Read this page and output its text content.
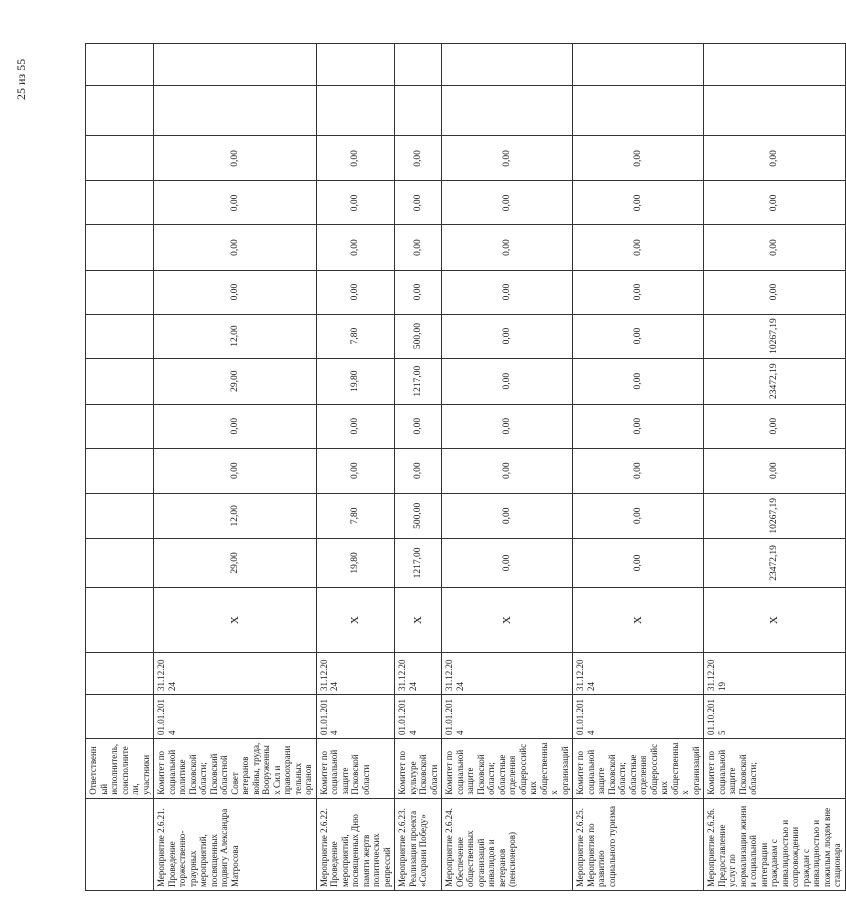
25 из 55
	Ответственный исполнитель, соисполнители, участники															
Мероприятие 2.6.21. Проведение торжественно-траурных мероприятий, посвященных подвигу Александра Матросова	Комитет по социальной политике Псковской области; Псковский областной Совет ветеранов войны, труда, Вооруженных Сил и правоохранительных органов	01.01.2014	31.12.2024	X	29,00	12,00	0,00	0,00	29,00	12,00	0,00	0,00	0,00	0,00		
Мероприятие 2.6.22. Проведение мероприятий, посвященных Дню памяти жертв политических репрессий	Комитет по социальной защите Псковской области	01.01.2014	31.12.2024	X	19,80	7,80	0,00	0,00	19,80	7,80	0,00	0,00	0,00	0,00		
Мероприятие 2.6.23. Реализация проекта «Сохрани Победу»	Комитет по культуре Псковской области	01.01.2014	31.12.2024	X	1217,00	500,00	0,00	0,00	1217,00	500,00	0,00	0,00	0,00	0,00		
Мероприятие 2.6.24. Обеспечение общественных организаций инвалидов и ветеранов (пенсионеров)	Комитет по социальной защите Псковской области; областные отделения общероссийских общественных организаций	01.01.2014	31.12.2024	X	0,00	0,00	0,00	0,00	0,00	0,00	0,00	0,00	0,00	0,00		
Мероприятие 2.6.25. Мероприятия по развитию социального туризма	Комитет по социальной защите Псковской области; областные отделения общероссийских общественных организаций	01.01.2014	31.12.2024	X	0,00	0,00	0,00	0,00	0,00	0,00	0,00	0,00	0,00	0,00		
Мероприятие 2.6.26. Предоставление услуг по нормализации жизни и социальной интеграции гражданам с инвалидностью и сопровождении граждан с инвалидностью и пожилым людям вне стационара	Комитет по социальной защите Псковской области;	01.10.2015	31.12.2019	X	23472,19	10267,19	0,00	0,00	23472,19	10267,19	0,00	0,00	0,00	0,00		
